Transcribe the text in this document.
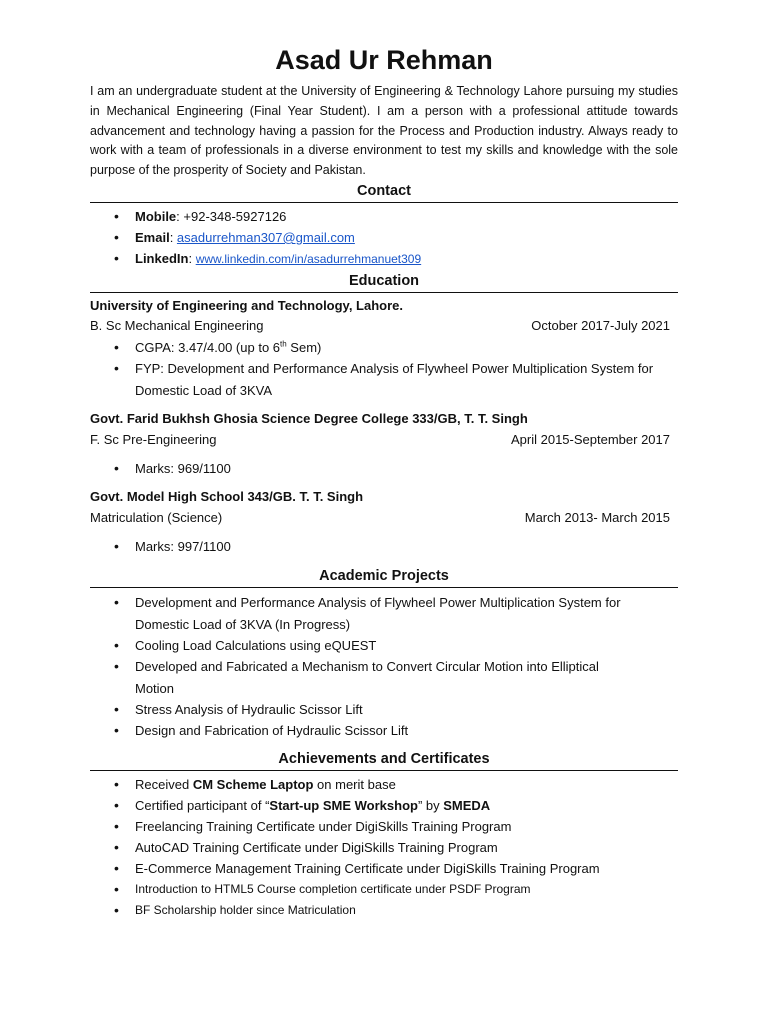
Asad Ur Rehman
I am an undergraduate student at the University of Engineering & Technology Lahore pursuing my studies in Mechanical Engineering (Final Year Student). I am a person with a professional attitude towards advancement and technology having a passion for the Process and Production industry. Always ready to work with a team of professionals in a diverse environment to test my skills and knowledge with the sole purpose of the prosperity of Society and Pakistan.
Contact
• Mobile: +92-348-5927126
• Email: asadurrehman307@gmail.com
• LinkedIn: www.linkedin.com/in/asadurrehmanuet309
Education
University of Engineering and Technology, Lahore.
B. Sc Mechanical Engineering	October 2017-July 2021
• CGPA: 3.47/4.00 (up to 6th Sem)
• FYP: Development and Performance Analysis of Flywheel Power Multiplication System for Domestic Load of 3KVA
Govt. Farid Bukhsh Ghosia Science Degree College 333/GB, T. T. Singh
F. Sc Pre-Engineering	April 2015-September 2017
• Marks: 969/1100
Govt. Model High School 343/GB. T. T. Singh
Matriculation (Science)	March 2013- March 2015
• Marks: 997/1100
Academic Projects
• Development and Performance Analysis of Flywheel Power Multiplication System for Domestic Load of 3KVA (In Progress)
• Cooling Load Calculations using eQUEST
• Developed and Fabricated a Mechanism to Convert Circular Motion into Elliptical Motion
• Stress Analysis of Hydraulic Scissor Lift
• Design and Fabrication of Hydraulic Scissor Lift
Achievements and Certificates
• Received CM Scheme Laptop on merit base
• Certified participant of “Start-up SME Workshop” by SMEDA
• Freelancing Training Certificate under DigiSkills Training Program
• AutoCAD Training Certificate under DigiSkills Training Program
• E-Commerce Management Training Certificate under DigiSkills Training Program
• Introduction to HTML5 Course completion certificate under PSDF Program
• BF Scholarship holder since Matriculation
